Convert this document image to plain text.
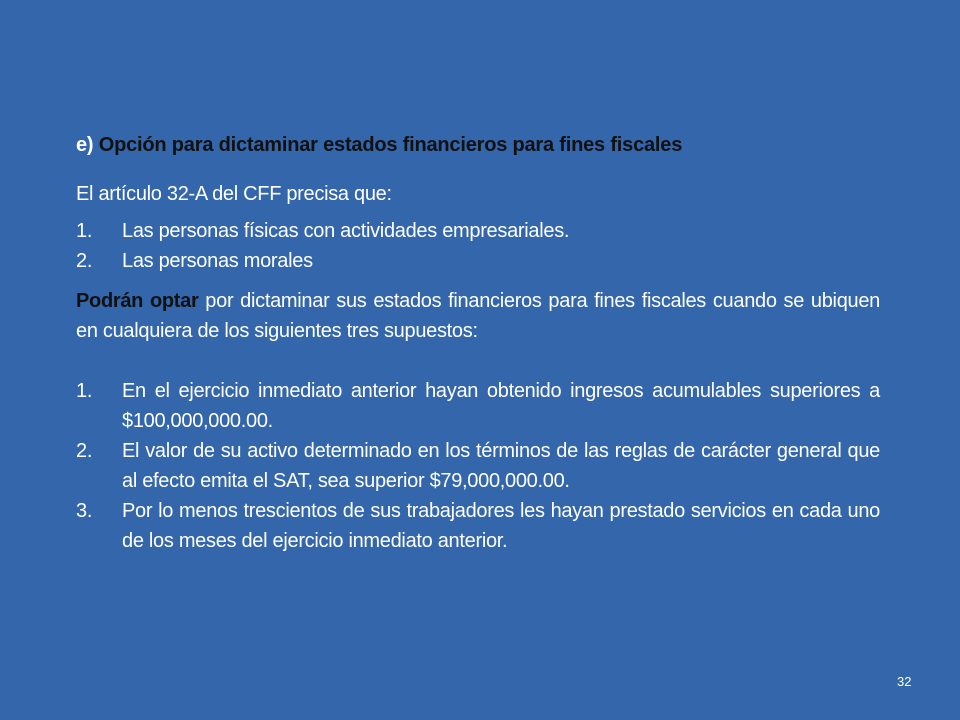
e) Opción para dictaminar estados financieros para fines fiscales

El artículo 32-A del CFF precisa que:

1. Las personas físicas con actividades empresariales.
2. Las personas morales

Podrán optar por dictaminar sus estados financieros para fines fiscales cuando se ubiquen en cualquiera de los siguientes tres supuestos:

1. En el ejercicio inmediato anterior hayan obtenido ingresos acumulables superiores a $100,000,000.00.
2. El valor de su activo determinado en los términos de las reglas de carácter general que al efecto emita el SAT, sea superior $79,000,000.00.
3. Por lo menos trescientos de sus trabajadores les hayan prestado servicios en cada uno de los meses del ejercicio inmediato anterior.
32
